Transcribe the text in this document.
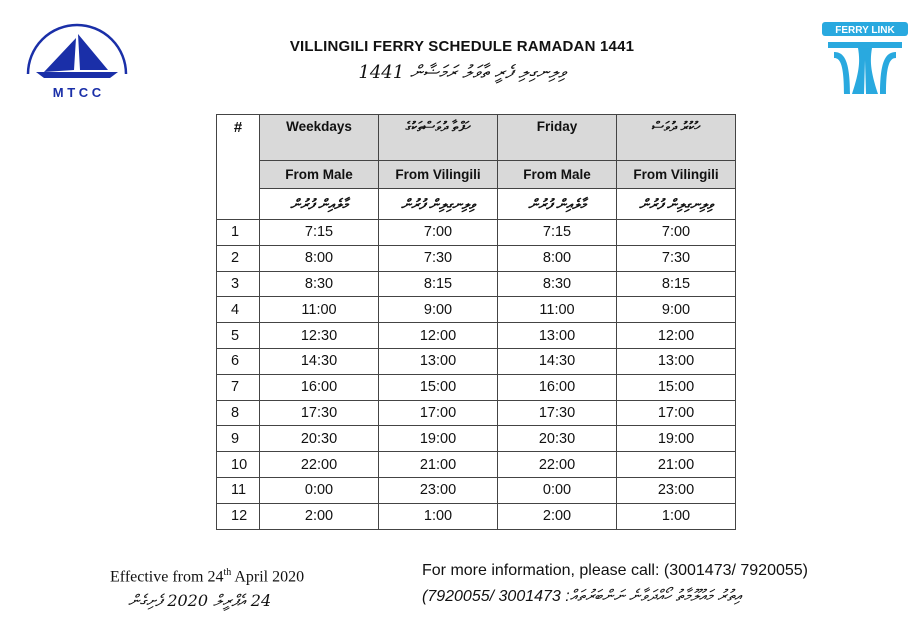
M T C C
FERRY LINK
VILLINGILI FERRY SCHEDULE RAMADAN 1441
ވިލިނގިލި ފެރީ ތާވަލު ރަމަޟާން 1441
#	Weekdays	ހަފްތާ ދުވަސްތަކުގެ	Friday	ހުކުރު ދުވަސް
	From Male	From Vilingili	From Male	From Vilingili
	މާލެއިން ފުރުން	ވިލިނގިލިން ފުރުން	މާލެއިން ފުރުން	ވިލިނގިލިން ފުރުން
1	7:15	7:00	7:15	7:00
2	8:00	7:30	8:00	7:30
3	8:30	8:15	8:30	8:15
4	11:00	9:00	11:00	9:00
5	12:30	12:00	13:00	12:00
6	14:30	13:00	14:30	13:00
7	16:00	15:00	16:00	15:00
8	17:30	17:00	17:30	17:00
9	20:30	19:00	20:30	19:00
10	22:00	21:00	22:00	21:00
11	0:00	23:00	0:00	23:00
12	2:00	1:00	2:00	1:00
Effective from 24th April 2020
24 އެޕްރީލް 2020 ފެށިގެން
For more information, please call: (3001473/ 7920055)
އިތުރު މައުލޫމާތު ހޯއްދަވާނެ ނަންބަރުތައް: 3001473 /7920055)
